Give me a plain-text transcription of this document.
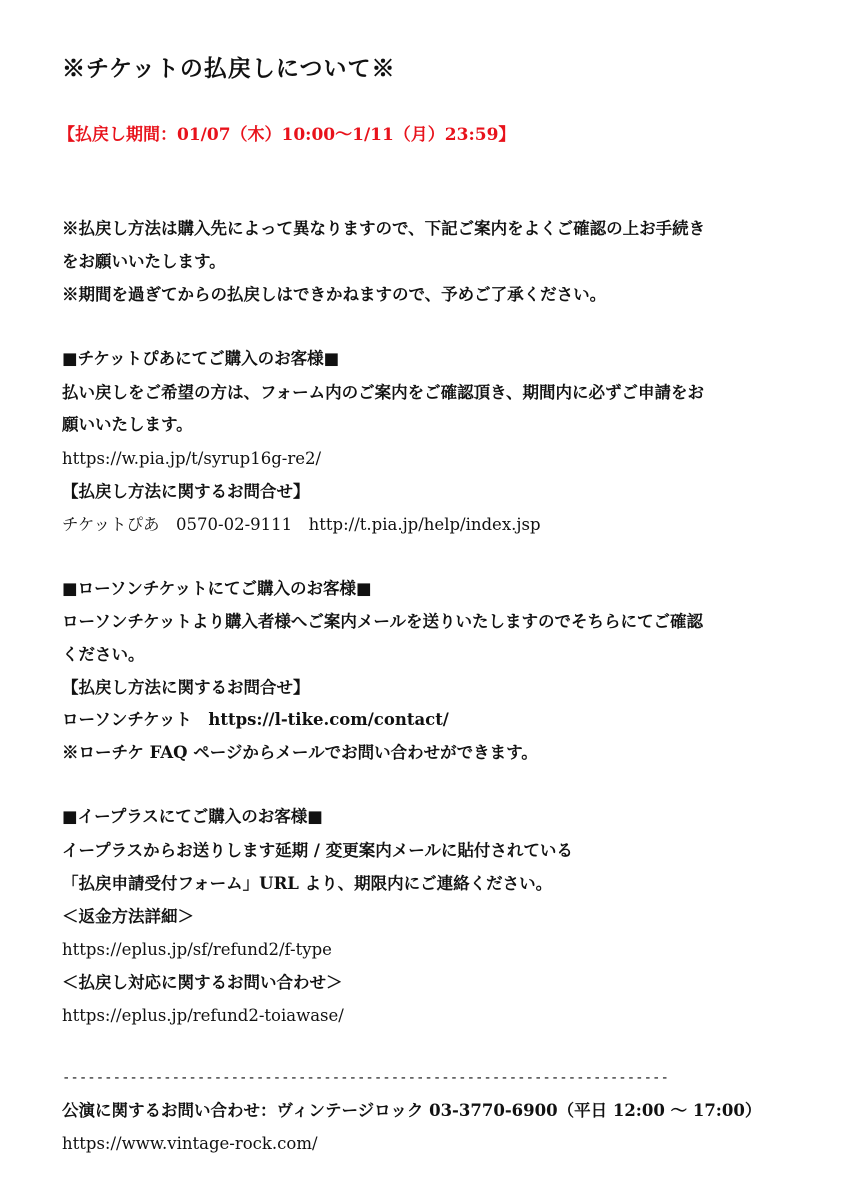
※チケットの払戻しについて※
【払戻し期間：01/07（木）10:00〜1/11（月）23:59】
※払戻し方法は購入先によって異なりますので、下記ご案内をよくご確認の上お手続き
をお願いいたします。
※期間を過ぎてからの払戻しはできかねますので、予めご了承ください。
■チケットぴあにてご購入のお客様■
払い戻しをご希望の方は、フォーム内のご案内をご確認頂き、期間内に必ずご申請をお
願いいたします。
https://w.pia.jp/t/syrup16g-re2/
【払戻し方法に関するお問合せ】
チケットぴあ　0570-02-9111　http://t.pia.jp/help/index.jsp
■ローソンチケットにてご購入のお客様■
ローソンチケットより購入者様へご案内メールを送りいたしますのでそちらにてご確認
ください。
【払戻し方法に関するお問合せ】
ローソンチケット　https://l-tike.com/contact/
※ローチケ FAQ ページからメールでお問い合わせができます。
■イープラスにてご購入のお客様■
イープラスからお送りします延期 / 変更案内メールに貼付されている
「払戻申請受付フォーム」URL より、期限内にご連絡ください。
＜返金方法詳細＞
https://eplus.jp/sf/refund2/f-type
＜払戻し対応に関するお問い合わせ＞
https://eplus.jp/refund2-toiawase/
------------------------------------------------------------------------
公演に関するお問い合わせ：ヴィンテージロック 03-3770-6900（平日 12:00 〜 17:00）
https://www.vintage-rock.com/
